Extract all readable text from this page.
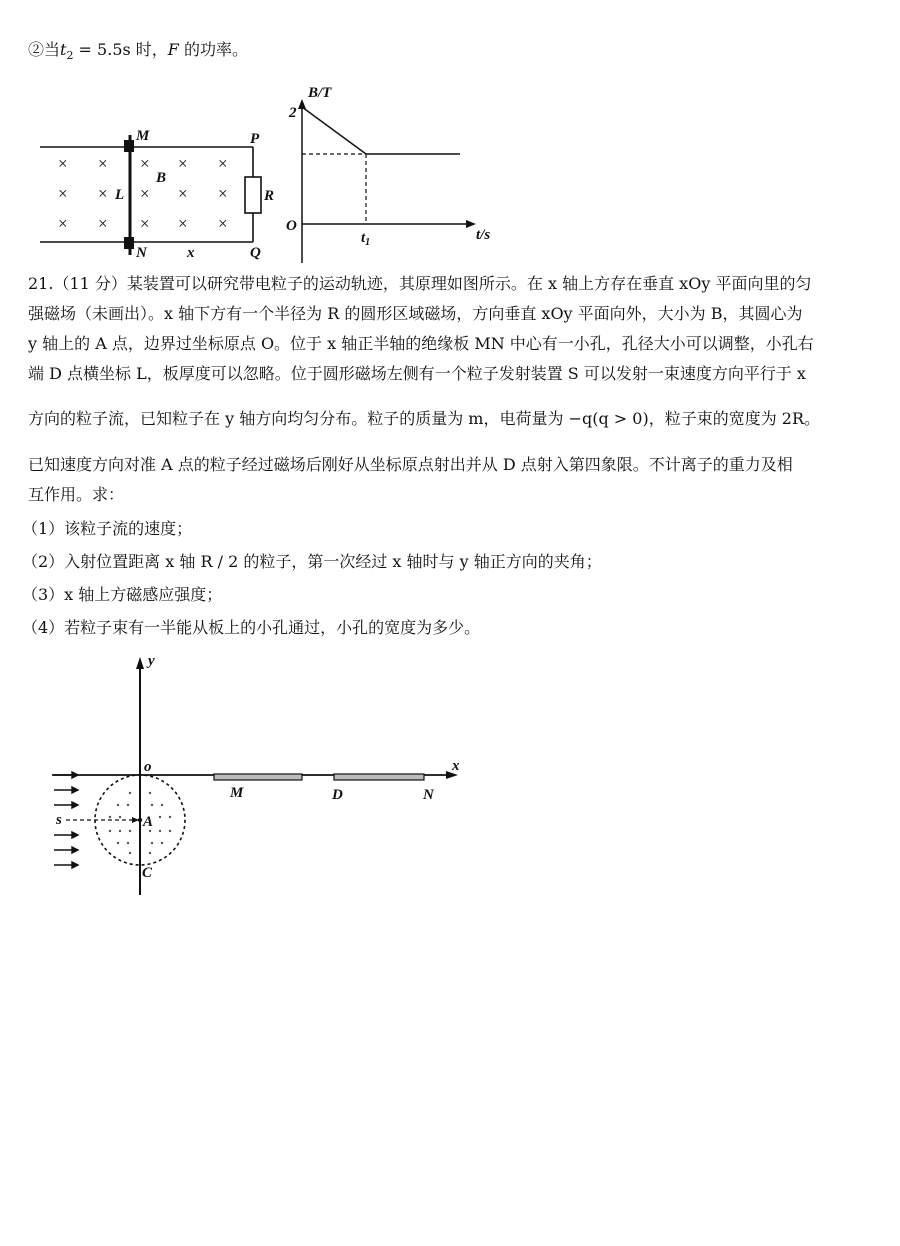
②当$t_2 = 5.5s$ 时，F 的功率。
× × × × ×
× × × × ×
× × × × ×
M
N
P
Q
L
B
R
x
B/T
2
O
t/s
$t_1$
21.（11 分）某装置可以研究带电粒子的运动轨迹，其原理如图所示。在 x 轴上方存在垂直 xOy 平面向里的匀
强磁场（未画出）。x 轴下方有一个半径为 R 的圆形区域磁场，方向垂直 xOy 平面向外，大小为 B，其圆心为
y 轴上的 A 点，边界过坐标原点 O。位于 x 轴正半轴的绝缘板 MN 中心有一小孔，孔径大小可以调整，小孔右
端 D 点横坐标 L，板厚度可以忽略。位于圆形磁场左侧有一个粒子发射装置 S 可以发射一束速度方向平行于 x
方向的粒子流，已知粒子在 y 轴方向均匀分布。粒子的质量为 m，电荷量为 −q(q > 0)，粒子束的宽度为 2R。
已知速度方向对准 A 点的粒子经过磁场后刚好从坐标原点射出并从 D 点射入第四象限。不计离子的重力及相
互作用。求：
（1）该粒子流的速度；
（2）入射位置距离 x 轴 R / 2 的粒子，第一次经过 x 轴时与 y 轴正方向的夹角；
（3）x 轴上方磁感应强度；
（4）若粒子束有一半能从板上的小孔通过，小孔的宽度为多少。
y
x
o
M	D	N
A
C
s
